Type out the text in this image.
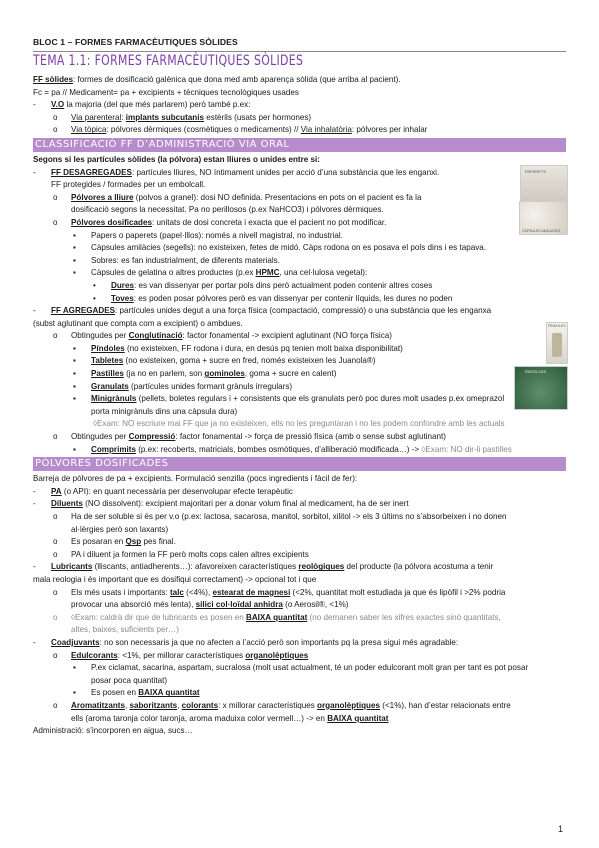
BLOC 1 – FORMES FARMACÈUTIQUES SÒLIDES
TEMA 1.1: FORMES FARMACÈUTIQUES SÒLIDES
PAPERETS
CÀPSULES AMILÀCIES
PÍNDOLES
PASTILLES
FF sòlides: formes de dosificació galènica que dona med amb aparença sòlida (que arriba al pacient).
Fc = pa // Medicament= pa + excipients + tècniques tecnològiques usades
- V.O la majoria (del que més parlarem) però també p.ex:
o Via parenteral: implants subcutanis estèrils (usats per hormones)
o Via tòpica: pólvores dèrmiques (cosmètiques o medicaments) // Via inhalatòria: pólvores per inhalar
CLASSIFICACIÓ FF D’ADMINISTRACIÓ VIA ORAL
Segons si les partícules sòlides (la pólvora) estan lliures o unides entre si:
- FF DESAGREGADES: partícules lliures, NO íntimament unides per acció d’una substància que les enganxi.
FF protegides / formades per un embolcall.
o Pólvores a lliure (polvos a granel): dosi NO definida. Presentacions en pots on el pacient es fa la
dosificació segons la necessitat. Pa no perillosos (p.ex NaHCO3) i pólvores dèrmiques.
o Pólvores dosificades: unitats de dosi concreta i exacta que el pacient no pot modificar.
▪ Papers o paperets (papel·lllos): només a nivell magistral, no industrial.
▪ Càpsules amilàcies (segells): no existeixen, fetes de midó. Càps rodona on es posava el pols dins i es tapava.
▪ Sobres: es fan industrialment, de diferents materials.
▪ Càpsules de gelatina o altres productes (p.ex HPMC, una cel·lulosa vegetal):
• Dures: es van dissenyar per portar pols dins però actualment poden contenir altres coses
• Toves: es poden posar pólvores però es van dissenyar per contenir líquids, les dures no poden
- FF AGREGADES: partícules unides degut a una força física (compactació, compressió) o una substància que les enganxa
(subst aglutinant que compta com a excipient) o ambdues.
o Obtingudes per Conglutinació: factor fonamental -> excipient aglutinant (NO força física)
▪ Píndoles (no existeixen, FF rodona i dura, en desús pq tenien molt baixa disponibilitat)
▪ Tabletes (no existeixen, goma + sucre en fred, només existeixen les Juanola®)
▪ Pastilles (ja no en parlem, son gominoles, goma + sucre en calent)
▪ Granulats (partícules unides formant grànuls irregulars)
▪ Minigrànuls (pellets, boletes regulars i + consistents que els granulats però poc dures molt usades p.ex omeprazol
porta minigrànuls dins una càpsula dura)
◊Exam: NO escriure mai FF que ja no existeixen, ells no les preguntaran i no les podem confondre amb les actuals
o Obtingudes per Compressió: factor fonamental -> força de pressió física (amb o sense subst aglutinant)
▪ Comprimits (p.ex: recoberts, matricials, bombes osmòtiques, d’alliberació modificada…) -> ◊Exam: NO dir-li pastilles
PÓLVORES DOSIFICADES
Barreja de pólvores de pa + excipients. Formulació senzilla (pocs ingredients i fàcil de fer):
- PA (o API): en quant necessària per desenvolupar efecte terapèutic
- Diluents (NO dissolvent): excipient majoritari per a donar volum final al medicament, ha de ser inert
o Ha de ser soluble si és per v.o (p.ex: lactosa, sacarosa, manitol, sorbitol, xilitol -> els 3 últims no s’absorbeixen i no donen
al·lèrgies però son laxants)
o Es posaran en Qsp pes final.
o PA i diluent ja formen la FF però molts cops calen altres excipients
- Lubricants (lliscants, antiadherents…): afavoreixen característiques reològiques del producte (la pólvora acostuma a tenir
mala reologia i és important que es dosifiqui correctament) -> opcional tot i que
o Els més usats i importants: talc (<4%), estearat de magnesi (<2%, quantitat molt estudiada ja que és lipòfil i >2% podria
provocar una absorció més lenta), silici col·loïdal anhidra (o Aerosil®, <1%)
o ◊Exam: caldrà dir que de lubricants es posen en BAIXA quantitat (no demanen saber les xifres exactes sinó quantitats,
altes, baixes, suficients per…)
- Coadjuvants: no son necessaris ja que no afecten a l’acció però son importants pq la presa sigui més agradable:
o Edulcorants: <1%, per millorar característiques organolèptiques
▪ P.ex ciclamat, sacarina, aspartam, sucralosa (molt usat actualment, té un poder edulcorant molt gran per tant es pot posar
posar poca quantitat)
▪ Es posen en BAIXA quantitat
o Aromatitzants, saboritzants, colorants: x millorar característiques organolèptiques (<1%), han d’estar relacionats entre
ells (aroma taronja color taronja, aroma maduixa color vermell…) -> en BAIXA quantitat
Administració: s’incorporen en aigua, sucs…
1
